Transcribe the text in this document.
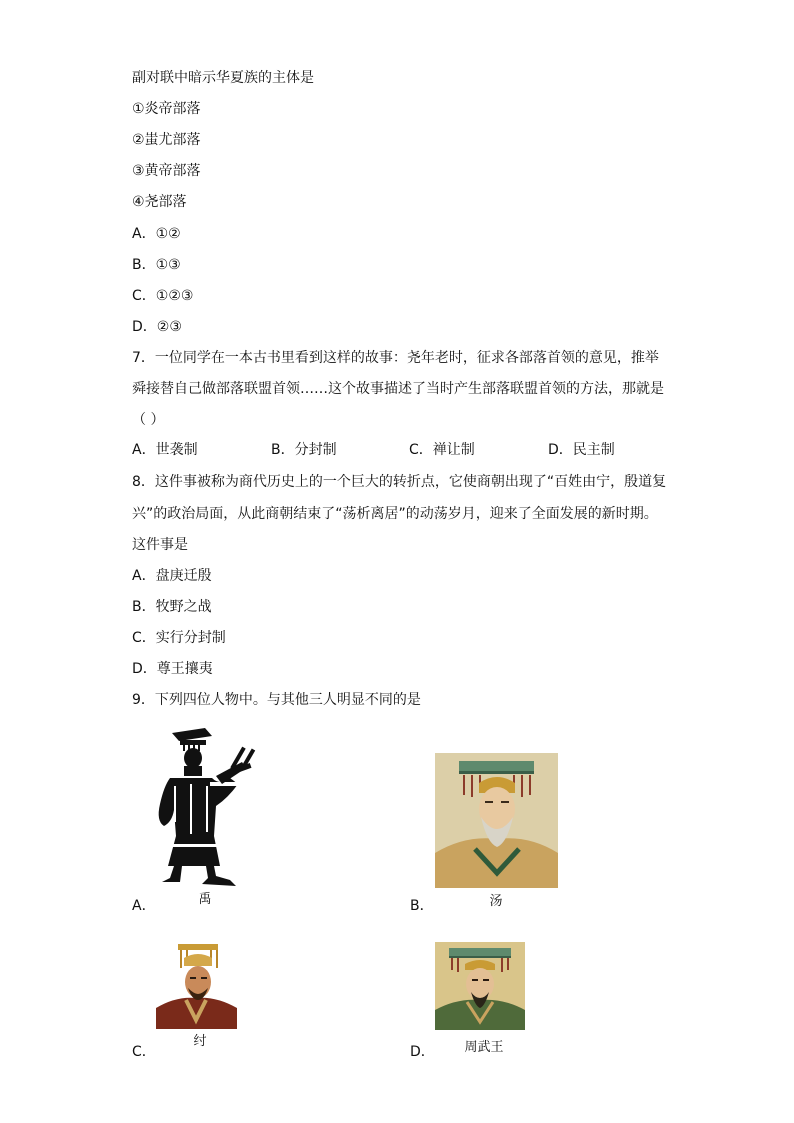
副对联中暗示华夏族的主体是
①炎帝部落
②蚩尤部落
③黄帝部落
④尧部落
A．①②
B．①③
C．①②③
D．②③
7．一位同学在一本古书里看到这样的故事：尧年老时，征求各部落首领的意见，推举
舜接替自己做部落联盟首领……这个故事描述了当时产生部落联盟首领的方法，那就是
（ ）
A．世袭制	B．分封制	C．禅让制	D．民主制
8．这件事被称为商代历史上的一个巨大的转折点，它使商朝出现了“百姓由宁，殷道复
兴”的政治局面，从此商朝结束了“荡析离居”的动荡岁月，迎来了全面发展的新时期。
这件事是
A．盘庚迁殷
B．牧野之战
C．实行分封制
D．尊王攘夷
9．下列四位人物中。与其他三人明显不同的是
A．	禹	B．	汤
C．
纣
D．	周武王
